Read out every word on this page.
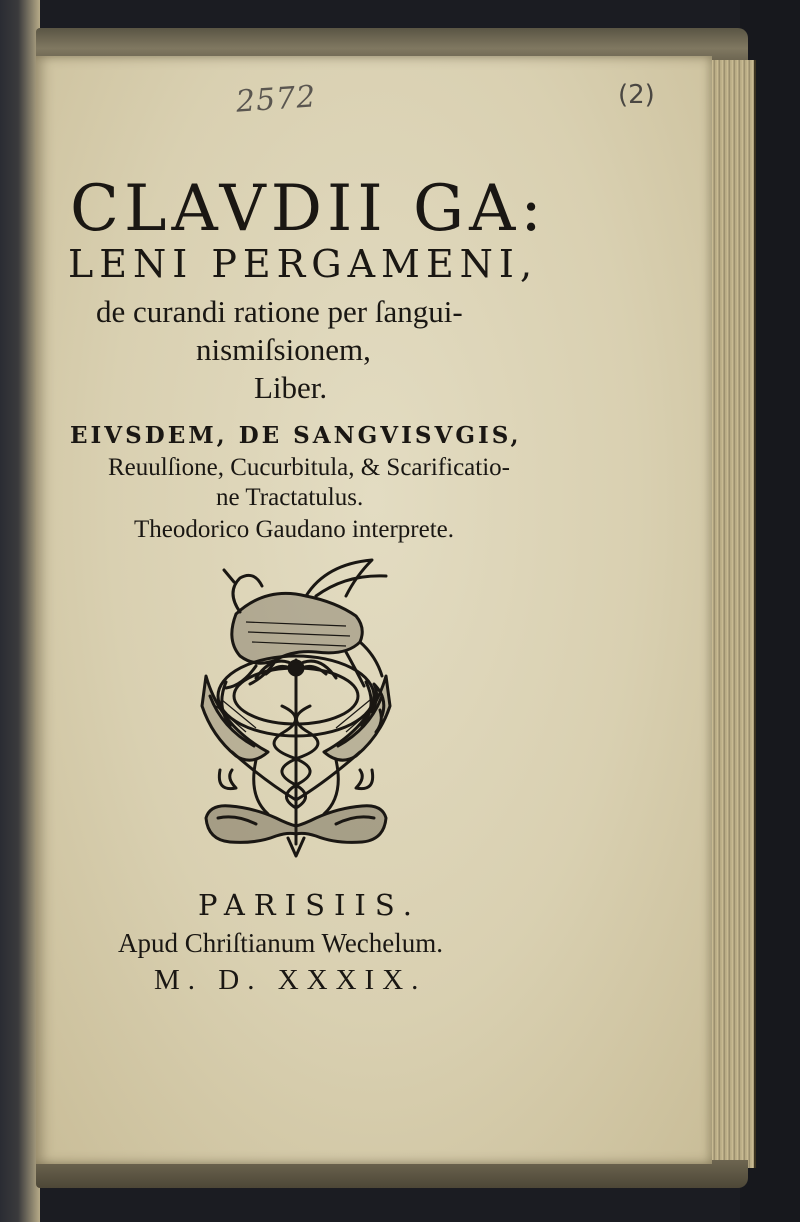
2572	(2)
CLAVDII GA:
LENI PERGAMENI,
de curandi ratione per ſangui-
nismiſsionem,
Liber.
EIVSDEM, DE SANGVISVGIS,
Reuulſione, Cucurbitula, & Scarificatio-
ne Tractatulus.
Theodorico Gaudano interprete.
PARISIIS.
Apud Chriſtianum Wechelum.
M. D. XXXIX.
